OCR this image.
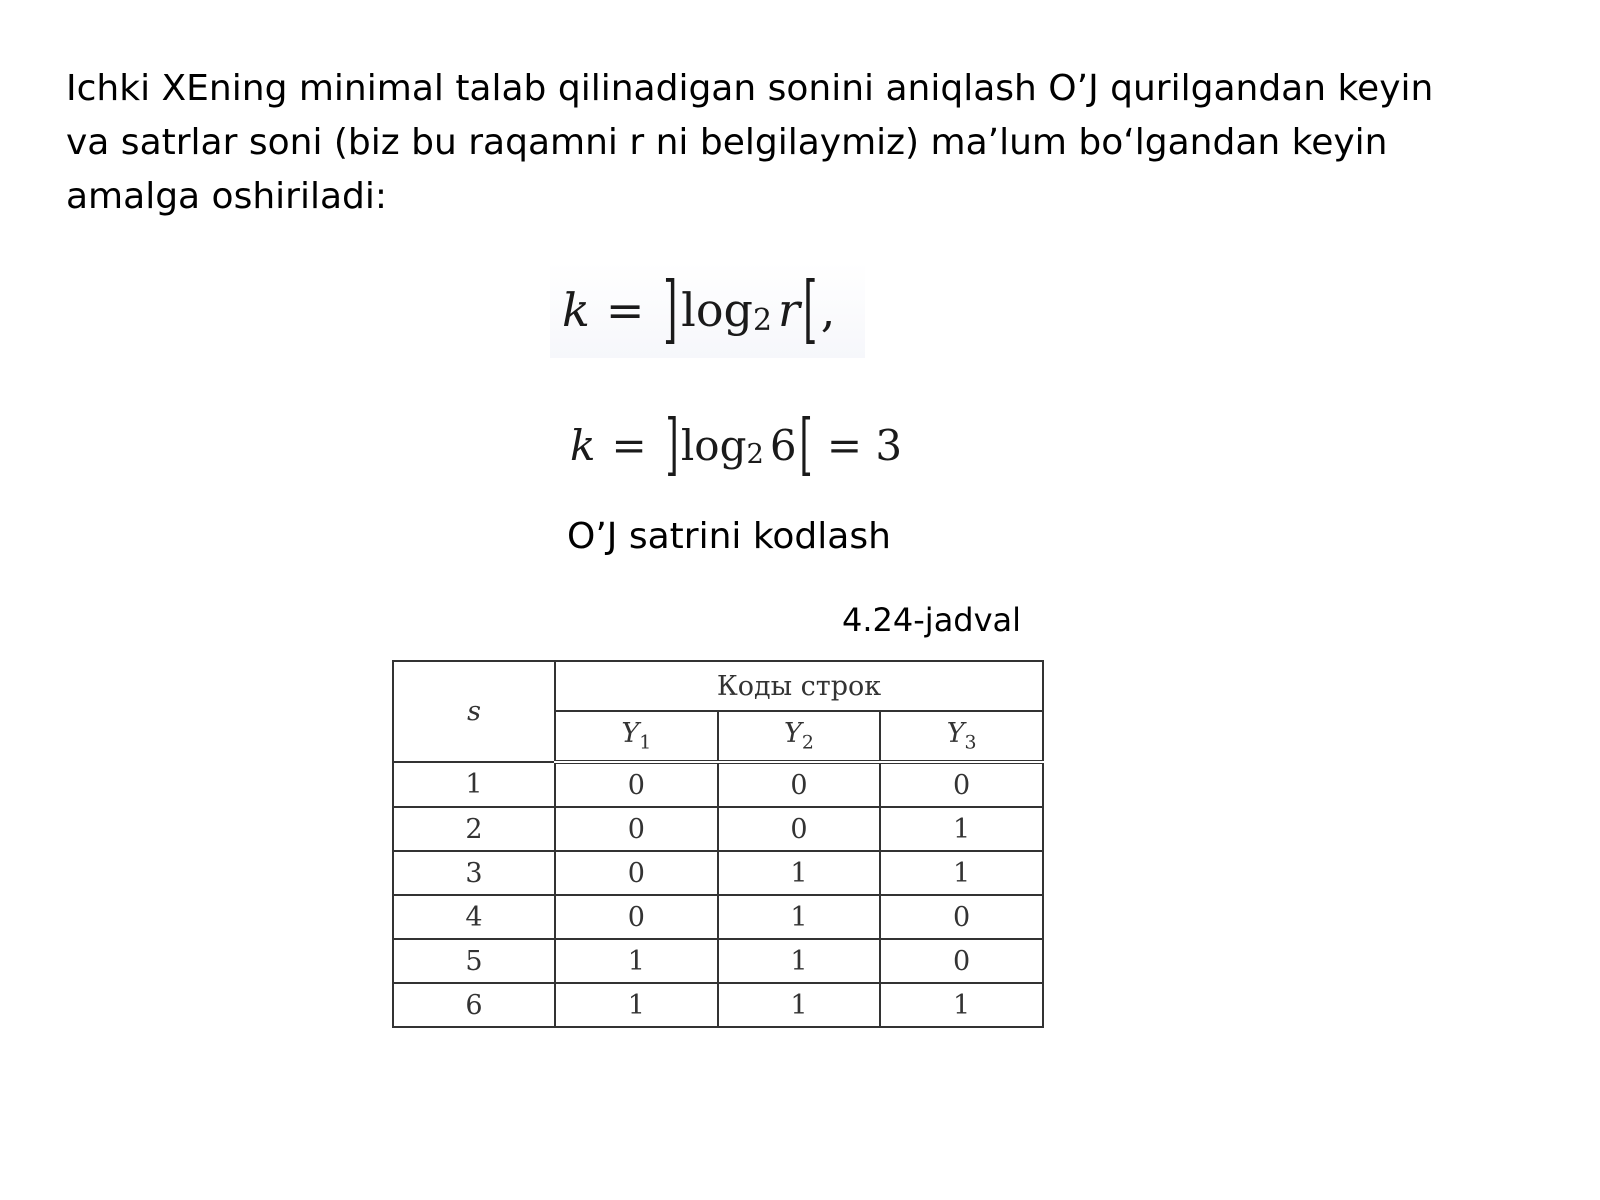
Ichki XEning minimal talab qilinadigan sonini aniqlash O’J qurilgandan keyin va satrlar soni (biz bu raqamni r ni belgilaymiz) ma’lum bo‘lgandan keyin amalga oshiriladi:

k = ] log 2 r [ ,
k = ] log 2 6 [ = 3
O’J satrini kodlash
4.24-jadval
s	Коды строк		
	$Y_1$	$Y_2$	$Y_3$
1	0	0	0
2	0	0	1
3	0	1	1
4	0	1	0
5	1	1	0
6	1	1	1
